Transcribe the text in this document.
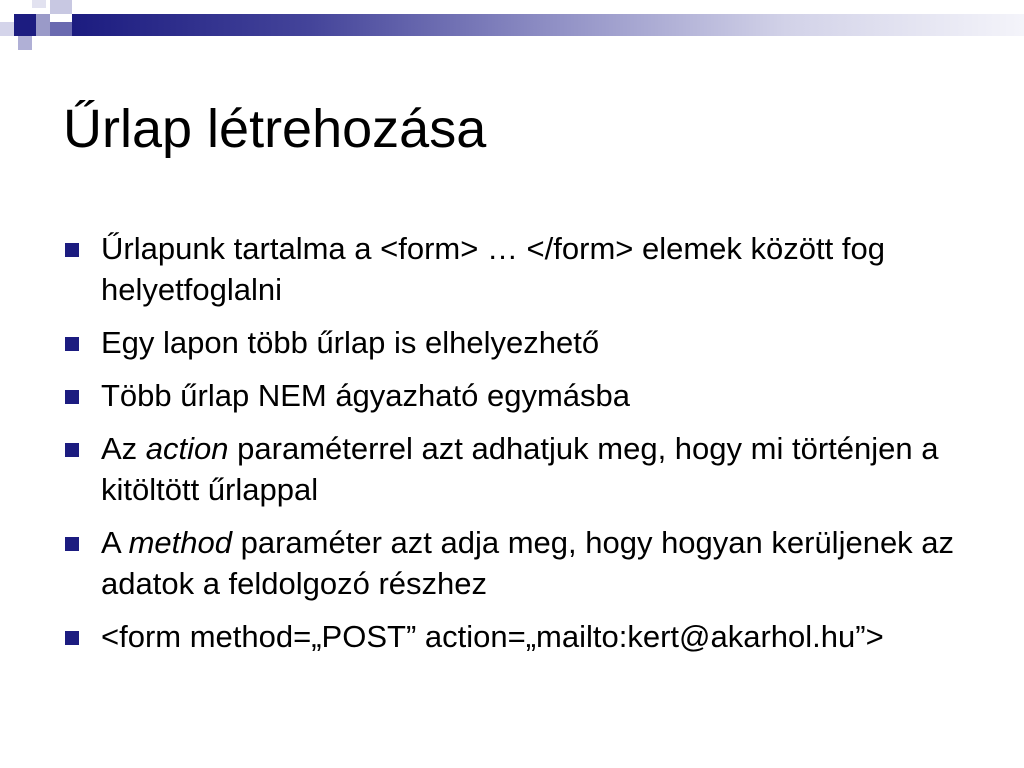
Űrlap létrehozása
Űrlapunk tartalma a <form> … </form> elemek között fog helyetfoglalni
Egy lapon több űrlap is elhelyezhető
Több űrlap NEM ágyazható egymásba
Az action paraméterrel azt adhatjuk meg, hogy mi történjen a kitöltött űrlappal
A method paraméter azt adja meg, hogy hogyan kerüljenek az adatok a feldolgozó részhez
<form method=„POST” action=„mailto:kert@akarhol.hu”>
